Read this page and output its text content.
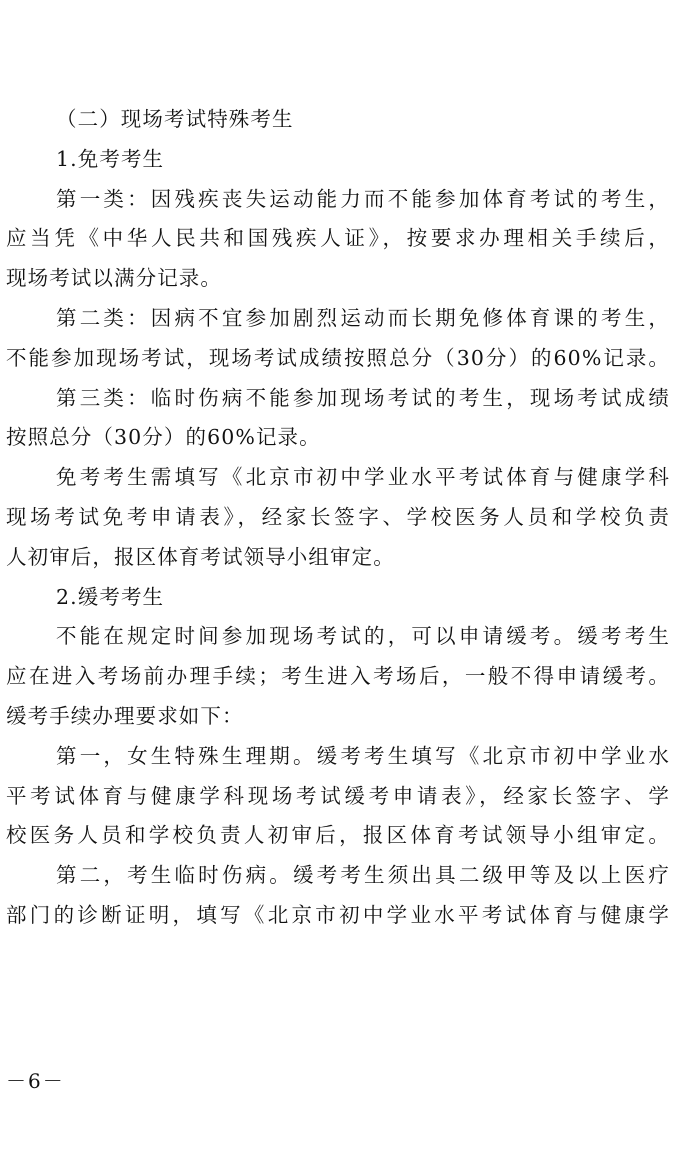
（二）现场考试特殊考生
1.免考考生
第一类：因残疾丧失运动能力而不能参加体育考试的考生，
应当凭《中华人民共和国残疾人证》，按要求办理相关手续后，
现场考试以满分记录。
第二类：因病不宜参加剧烈运动而长期免修体育课的考生，
不能参加现场考试，现场考试成绩按照总分（30分）的60%记录。
第三类：临时伤病不能参加现场考试的考生，现场考试成绩
按照总分（30分）的60%记录。
免考考生需填写《北京市初中学业水平考试体育与健康学科
现场考试免考申请表》，经家长签字、学校医务人员和学校负责
人初审后，报区体育考试领导小组审定。
2.缓考考生
不能在规定时间参加现场考试的，可以申请缓考。缓考考生
应在进入考场前办理手续；考生进入考场后，一般不得申请缓考。
缓考手续办理要求如下：
第一，女生特殊生理期。缓考考生填写《北京市初中学业水
平考试体育与健康学科现场考试缓考申请表》，经家长签字、学
校医务人员和学校负责人初审后，报区体育考试领导小组审定。
第二，考生临时伤病。缓考考生须出具二级甲等及以上医疗
部门的诊断证明，填写《北京市初中学业水平考试体育与健康学
－6－
